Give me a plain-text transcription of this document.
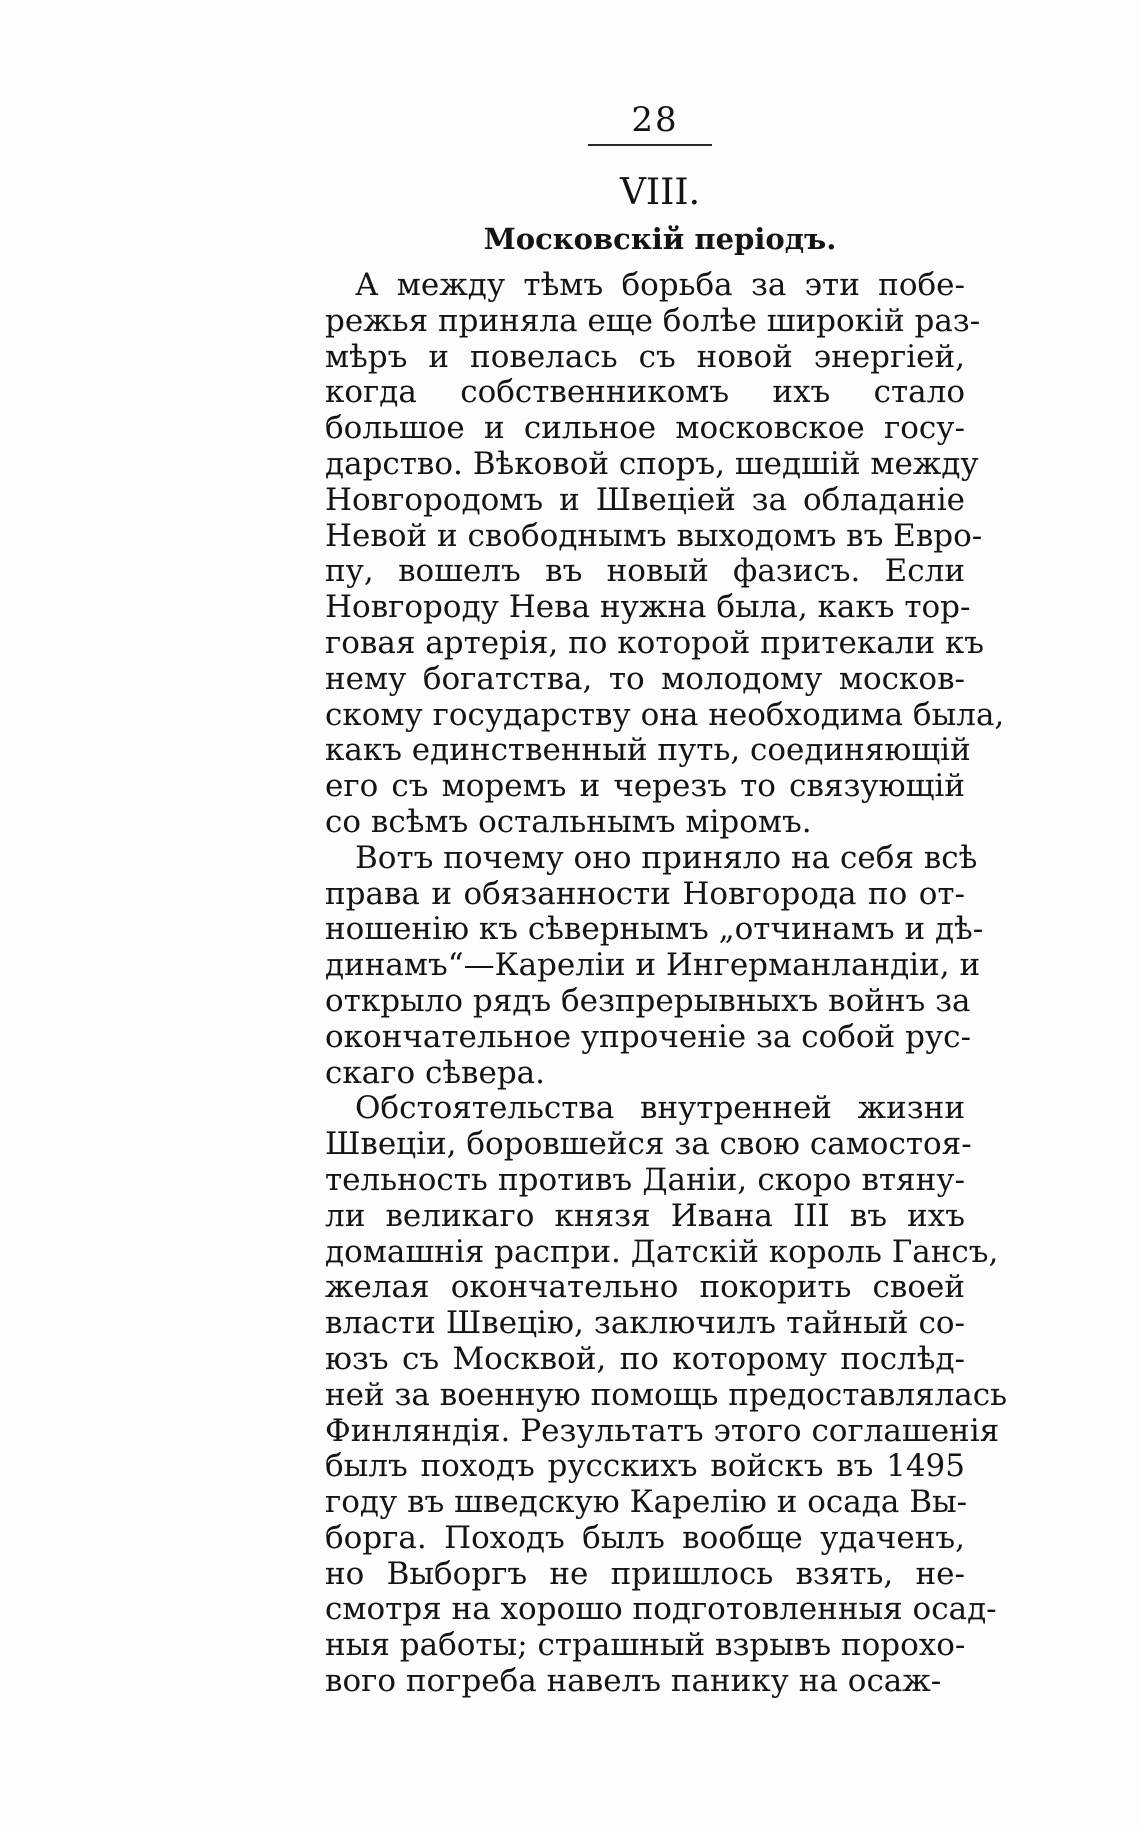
28
VIII.
Московскій періодъ.
А между тѣмъ борьба за эти побе-
режья приняла еще болѣе широкій раз-
мѣръ и повелась съ новой энергіей,
когда собственникомъ ихъ стало
большое и сильное московское госу-
дарство. Вѣковой споръ, шедшій между
Новгородомъ и Швеціей за обладаніе
Невой и свободнымъ выходомъ въ Евро-
пу, вошелъ въ новый фазисъ. Если
Новгороду Нева нужна была, какъ тор-
говая артерія, по которой притекали къ
нему богатства, то молодому москов-
скому государству она необходима была,
какъ единственный путь, соединяющій
его съ моремъ и черезъ то связующій
со всѣмъ остальнымъ міромъ.
Вотъ почему оно приняло на себя всѣ
права и обязанности Новгорода по от-
ношенію къ сѣвернымъ „отчинамъ и дѣ-
динамъ“—Кареліи и Ингерманландіи, и
открыло рядъ безпрерывныхъ войнъ за
окончательное упроченіе за собой рус-
скаго сѣвера.
Обстоятельства внутренней жизни
Швеціи, боровшейся за свою самостоя-
тельность противъ Даніи, скоро втяну-
ли великаго князя Ивана III въ ихъ
домашнія распри. Датскій король Гансъ,
желая окончательно покорить своей
власти Швецію, заключилъ тайный со-
юзъ съ Москвой, по которому послѣд-
ней за военную помощь предоставлялась
Финляндія. Результатъ этого соглашенія
былъ походъ русскихъ войскъ въ 1495
году въ шведскую Карелію и осада Вы-
борга. Походъ былъ вообще удаченъ,
но Выборгъ не пришлось взять, не-
смотря на хорошо подготовленныя осад-
ныя работы; страшный взрывъ порохо-
вого погреба навелъ панику на осаж-
